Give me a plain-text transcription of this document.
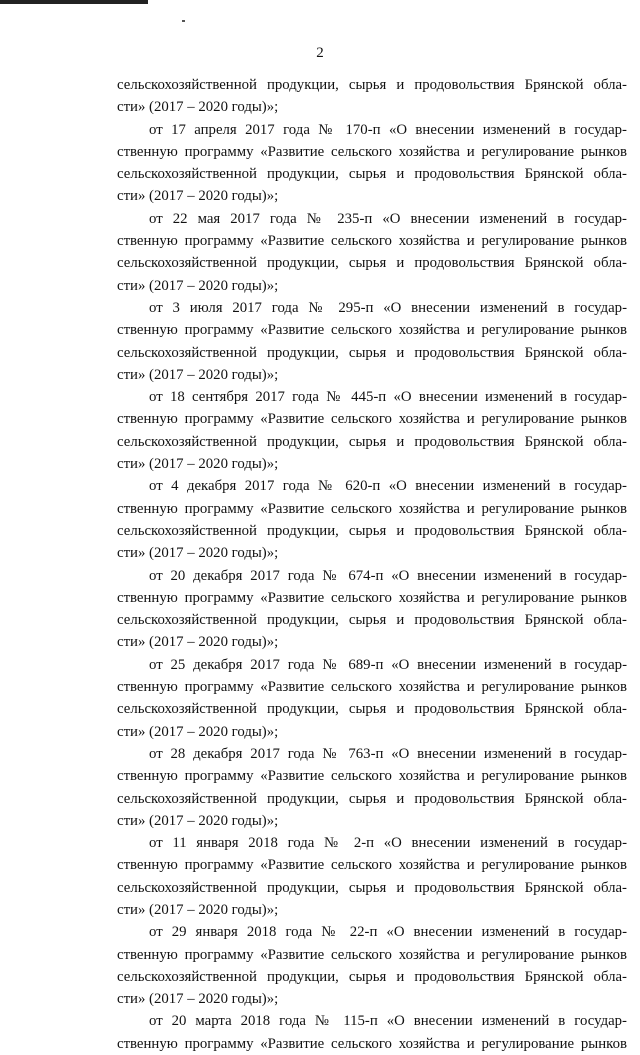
2
сельскохозяйственной продукции, сырья и продовольствия Брянской обла-
сти» (2017 – 2020 годы)»;
от 17 апреля 2017 года № 170-п «О внесении изменений в государ-
ственную программу «Развитие сельского хозяйства и регулирование рынков
сельскохозяйственной продукции, сырья и продовольствия Брянской обла-
сти» (2017 – 2020 годы)»;
от 22 мая 2017 года № 235-п «О внесении изменений в государ-
ственную программу «Развитие сельского хозяйства и регулирование рынков
сельскохозяйственной продукции, сырья и продовольствия Брянской обла-
сти» (2017 – 2020 годы)»;
от 3 июля 2017 года № 295-п «О внесении изменений в государ-
ственную программу «Развитие сельского хозяйства и регулирование рынков
сельскохозяйственной продукции, сырья и продовольствия Брянской обла-
сти» (2017 – 2020 годы)»;
от 18 сентября 2017 года № 445-п «О внесении изменений в государ-
ственную программу «Развитие сельского хозяйства и регулирование рынков
сельскохозяйственной продукции, сырья и продовольствия Брянской обла-
сти» (2017 – 2020 годы)»;
от 4 декабря 2017 года № 620-п «О внесении изменений в государ-
ственную программу «Развитие сельского хозяйства и регулирование рынков
сельскохозяйственной продукции, сырья и продовольствия Брянской обла-
сти» (2017 – 2020 годы)»;
от 20 декабря 2017 года № 674-п «О внесении изменений в государ-
ственную программу «Развитие сельского хозяйства и регулирование рынков
сельскохозяйственной продукции, сырья и продовольствия Брянской обла-
сти» (2017 – 2020 годы)»;
от 25 декабря 2017 года № 689-п «О внесении изменений в государ-
ственную программу «Развитие сельского хозяйства и регулирование рынков
сельскохозяйственной продукции, сырья и продовольствия Брянской обла-
сти» (2017 – 2020 годы)»;
от 28 декабря 2017 года № 763-п «О внесении изменений в государ-
ственную программу «Развитие сельского хозяйства и регулирование рынков
сельскохозяйственной продукции, сырья и продовольствия Брянской обла-
сти» (2017 – 2020 годы)»;
от 11 января 2018 года № 2-п «О внесении изменений в государ-
ственную программу «Развитие сельского хозяйства и регулирование рынков
сельскохозяйственной продукции, сырья и продовольствия Брянской обла-
сти» (2017 – 2020 годы)»;
от 29 января 2018 года № 22-п «О внесении изменений в государ-
ственную программу «Развитие сельского хозяйства и регулирование рынков
сельскохозяйственной продукции, сырья и продовольствия Брянской обла-
сти» (2017 – 2020 годы)»;
от 20 марта 2018 года № 115-п «О внесении изменений в государ-
ственную программу «Развитие сельского хозяйства и регулирование рынков
